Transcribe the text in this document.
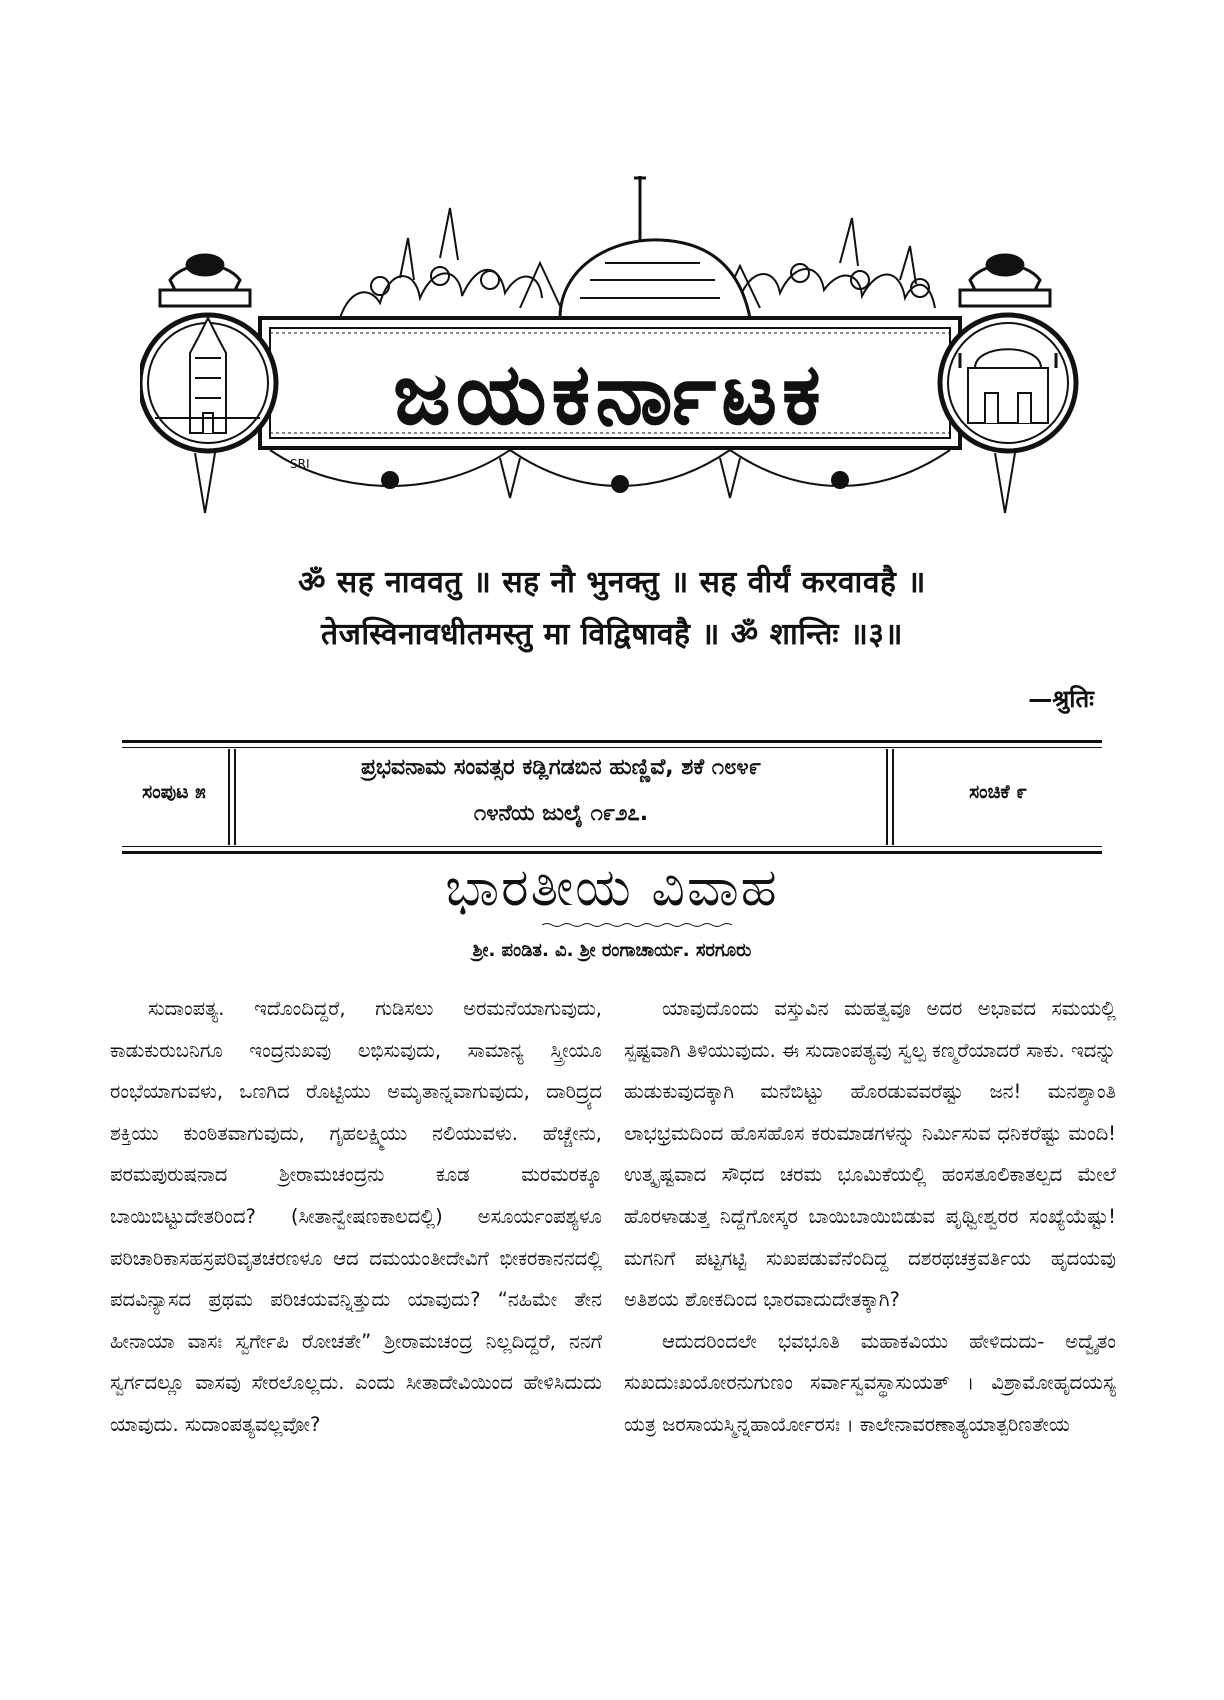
ಜಯಕರ್ನಾಟಕ
SRI
ॐ सह नाववतु ॥ सह नौ भुनक्तु ॥ सह वीर्यं करवावहै ॥
तेजस्विनावधीतमस्तु मा विद्विषावहै ॥ ॐ शान्तिः ॥३॥
—श्रुतिः
ಸಂಪುಟ ೫
ಪ್ರಭವನಾಮ ಸಂವತ್ಸರ ಕಡ್ಲಿಗಡಬಿನ ಹುಣ್ಣಿವೆ, ಶಕೆ ೧೮೪೯
೧೪ನೆಯ ಜುಲೈ ೧೯೨೭.
ಸಂಚಿಕೆ ೯
ಭಾರತೀಯ ವಿವಾಹ
ಶ್ರೀ. ಪಂಡಿತ. ವಿ. ಶ್ರೀ ರಂಗಾಚಾರ್ಯ. ಸರಗೂರು

ಸುದಾಂಪತ್ಯ. ಇದೊಂದಿದ್ದರೆ, ಗುಡಿಸಲು ಅರಮನೆಯಾಗುವುದು, ಕಾಡುಕುರುಬನಿಗೂ ಇಂದ್ರನುಖವು ಲಭಿಸುವುದು, ಸಾಮಾನ್ಯ ಸ್ತ್ರೀಯೂ ರಂಭೆಯಾಗುವಳು, ಒಣಗಿದ ರೊಟ್ಟಿಯು ಅಮೃತಾನ್ನವಾಗುವುದು, ದಾರಿದ್ರ್ಯದ ಶಕ್ತಿಯು ಕುಂಠಿತವಾಗುವುದು, ಗೃಹಲಕ್ಷ್ಮಿಯು ನಲಿಯುವಳು. ಹೆಚ್ಚೇನು, ಪರಮಪುರುಷನಾದ ಶ್ರೀರಾಮಚಂದ್ರನು ಕೂಡ ಮರಮರಕ್ಕೂ ಬಾಯಿಬಿಟ್ಟುದೇತರಿಂದ? (ಸೀತಾನ್ವೇಷಣಕಾಲದಲ್ಲಿ) ಅಸೂರ್ಯಂಪಶ್ಯಳೂ ಪರಿಚಾರಿಕಾಸಹಸ್ರಪರಿವೃತಚರಣಳೂ ಆದ ದಮಯಂತೀದೇವಿಗೆ ಭೀಕರಕಾನನದಲ್ಲಿ ಪದವಿನ್ಯಾಸದ ಪ್ರಥಮ ಪರಿಚಯವನ್ನಿತ್ತುದು ಯಾವುದು? “ನಹಿಮೇ ತೇನ ಹೀನಾಯಾ ವಾಸಃ ಸ್ವರ್ಗೇಪಿ ರೋಚತೇ” ಶ್ರೀರಾಮಚಂದ್ರ ನಿಲ್ಲದಿದ್ದರೆ, ನನಗೆ ಸ್ವರ್ಗದಲ್ಲೂ ವಾಸವು ಸೇರಲೊಲ್ಲದು. ಎಂದು ಸೀತಾದೇವಿಯಿಂದ ಹೇಳಿಸಿದುದು ಯಾವುದು. ಸುದಾಂಪತ್ಯವಲ್ಲವೋ?

ಯಾವುದೊಂದು ವಸ್ತುವಿನ ಮಹತ್ವವೂ ಅದರ ಅಭಾವದ ಸಮಯಲ್ಲಿ ಸ್ಪಷ್ಟವಾಗಿ ತಿಳಿಯುವುದು. ಈ ಸುದಾಂಪತ್ಯವು ಸ್ವಲ್ಪ ಕಣ್ಮರೆಯಾದರೆ ಸಾಕು. ಇದನ್ನು ಹುಡುಕುವುದಕ್ಕಾಗಿ ಮನೆಬಿಟ್ಟು ಹೊರಡುವವರೆಷ್ಟು ಜನ! ಮನಶ್ಶಾಂತಿ ಲಾಭಭ್ರಮದಿಂದ ಹೊಸಹೊಸ ಕರುಮಾಡಗಳನ್ನು ನಿರ್ಮಿಸುವ ಧನಿಕರೆಷ್ಟು ಮಂದಿ! ಉತ್ಕೃಷ್ಟವಾದ ಸೌಧದ ಚರಮ ಭೂಮಿಕೆಯಲ್ಲಿ ಹಂಸತೂಲಿಕಾತಲ್ಪದ ಮೇಲೆ ಹೊರಳಾಡುತ್ತ ನಿದ್ದೆಗೋಸ್ಕರ ಬಾಯಿಬಾಯಿಬಿಡುವ ಪೃಥ್ವೀಶ್ವರರ ಸಂಖ್ಯೆಯೆಷ್ಟು! ಮಗನಿಗೆ ಪಟ್ಟಗಟ್ಟಿ ಸುಖಪಡುವೆನೆಂದಿದ್ದ ದಶರಥಚಕ್ರವರ್ತಿಯ ಹೃದಯವು ಅತಿಶಯ ಶೋಕದಿಂದ ಭಾರವಾದುದೇತಕ್ಕಾಗಿ?

ಆದುದರಿಂದಲೇ ಭವಭೂತಿ ಮಹಾಕವಿಯು ಹೇಳಿದುದು- ಅದ್ವೈತಂ ಸುಖದುಃಖಯೋರನುಗುಣಂ ಸರ್ವಾಸ್ವವಸ್ಥಾಸುಯತ್ । ವಿಶ್ರಾಮೋಹೃದಯಸ್ಯ ಯತ್ರ ಜರಸಾಯಸ್ಮಿನ್ನಹಾರ್ಯೋರಸಃ । ಕಾಲೇನಾವರಣಾತ್ಯಯಾತ್ಪರಿಣತೇಯ
